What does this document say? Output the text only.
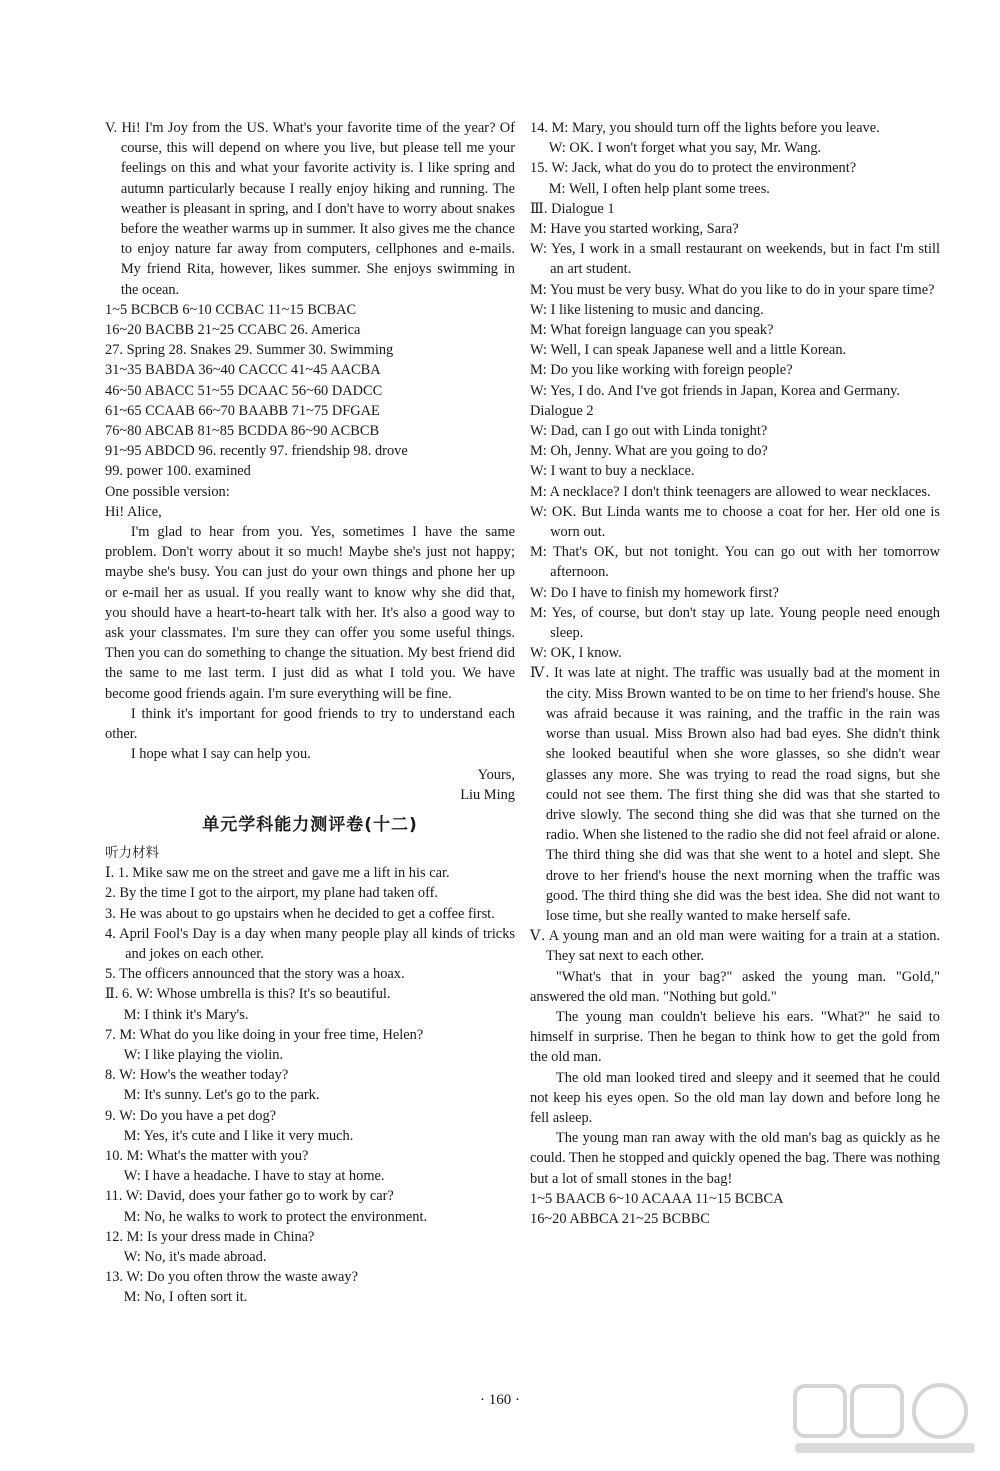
V. Hi! I'm Joy from the US. What's your favorite time of the year? Of course, this will depend on where you live, but please tell me your feelings on this and what your favorite activity is. I like spring and autumn particularly because I really enjoy hiking and running. The weather is pleasant in spring, and I don't have to worry about snakes before the weather warms up in summer. It also gives me the chance to enjoy nature far away from computers, cellphones and e-mails. My friend Rita, however, likes summer. She enjoys swimming in the ocean.

1~5 BCBCB 6~10 CCBAC 11~15 BCBAC

16~20 BACBB 21~25 CCABC 26. America

27. Spring 28. Snakes 29. Summer 30. Swimming

31~35 BABDA 36~40 CACCC 41~45 AACBA

46~50 ABACC 51~55 DCAAC 56~60 DADCC

61~65 CCAAB 66~70 BAABB 71~75 DFGAE

76~80 ABCAB 81~85 BCDDA 86~90 ACBCB

91~95 ABDCD 96. recently 97. friendship 98. drove

99. power 100. examined

One possible version:

Hi! Alice,

I'm glad to hear from you. Yes, sometimes I have the same problem. Don't worry about it so much! Maybe she's just not happy; maybe she's busy. You can just do your own things and phone her up or e-mail her as usual. If you really want to know why she did that, you should have a heart-to-heart talk with her. It's also a good way to ask your classmates. I'm sure they can offer you some useful things. Then you can do something to change the situation. My best friend did the same to me last term. I just did as what I told you. We have become good friends again. I'm sure everything will be fine.

I think it's important for good friends to try to understand each other.

I hope what I say can help you.

Yours,

Liu Ming

单元学科能力测评卷(十二)

听力材料

Ⅰ. 1. Mike saw me on the street and gave me a lift in his car.

2. By the time I got to the airport, my plane had taken off.

3. He was about to go upstairs when he decided to get a coffee first.

4. April Fool's Day is a day when many people play all kinds of tricks and jokes on each other.

5. The officers announced that the story was a hoax.

Ⅱ. 6. W: Whose umbrella is this? It's so beautiful.

M: I think it's Mary's.

7. M: What do you like doing in your free time, Helen?

W: I like playing the violin.

8. W: How's the weather today?

M: It's sunny. Let's go to the park.

9. W: Do you have a pet dog?

M: Yes, it's cute and I like it very much.

10. M: What's the matter with you?

W: I have a headache. I have to stay at home.

11. W: David, does your father go to work by car?

M: No, he walks to work to protect the environment.

12. M: Is your dress made in China?

W: No, it's made abroad.

13. W: Do you often throw the waste away?

M: No, I often sort it.

14. M: Mary, you should turn off the lights before you leave.

W: OK. I won't forget what you say, Mr. Wang.

15. W: Jack, what do you do to protect the environment?

M: Well, I often help plant some trees.

Ⅲ. Dialogue 1

M: Have you started working, Sara?

W: Yes, I work in a small restaurant on weekends, but in fact I'm still an art student.

M: You must be very busy. What do you like to do in your spare time?

W: I like listening to music and dancing.

M: What foreign language can you speak?

W: Well, I can speak Japanese well and a little Korean.

M: Do you like working with foreign people?

W: Yes, I do. And I've got friends in Japan, Korea and Germany.

Dialogue 2

W: Dad, can I go out with Linda tonight?

M: Oh, Jenny. What are you going to do?

W: I want to buy a necklace.

M: A necklace? I don't think teenagers are allowed to wear necklaces.

W: OK. But Linda wants me to choose a coat for her. Her old one is worn out.

M: That's OK, but not tonight. You can go out with her tomorrow afternoon.

W: Do I have to finish my homework first?

M: Yes, of course, but don't stay up late. Young people need enough sleep.

W: OK, I know.

Ⅳ. It was late at night. The traffic was usually bad at the moment in the city. Miss Brown wanted to be on time to her friend's house. She was afraid because it was raining, and the traffic in the rain was worse than usual. Miss Brown also had bad eyes. She didn't think she looked beautiful when she wore glasses, so she didn't wear glasses any more. She was trying to read the road signs, but she could not see them. The first thing she did was that she started to drive slowly. The second thing she did was that she turned on the radio. When she listened to the radio she did not feel afraid or alone. The third thing she did was that she went to a hotel and slept. She drove to her friend's house the next morning when the traffic was good. The third thing she did was the best idea. She did not want to lose time, but she really wanted to make herself safe.

Ⅴ. A young man and an old man were waiting for a train at a station. They sat next to each other.

"What's that in your bag?" asked the young man. "Gold," answered the old man. "Nothing but gold."

The young man couldn't believe his ears. "What?" he said to himself in surprise. Then he began to think how to get the gold from the old man.

The old man looked tired and sleepy and it seemed that he could not keep his eyes open. So the old man lay down and before long he fell asleep.

The young man ran away with the old man's bag as quickly as he could. Then he stopped and quickly opened the bag. There was nothing but a lot of small stones in the bag!

1~5 BAACB 6~10 ACAAA 11~15 BCBCA

16~20 ABBCA 21~25 BCBBC

· 160 ·
